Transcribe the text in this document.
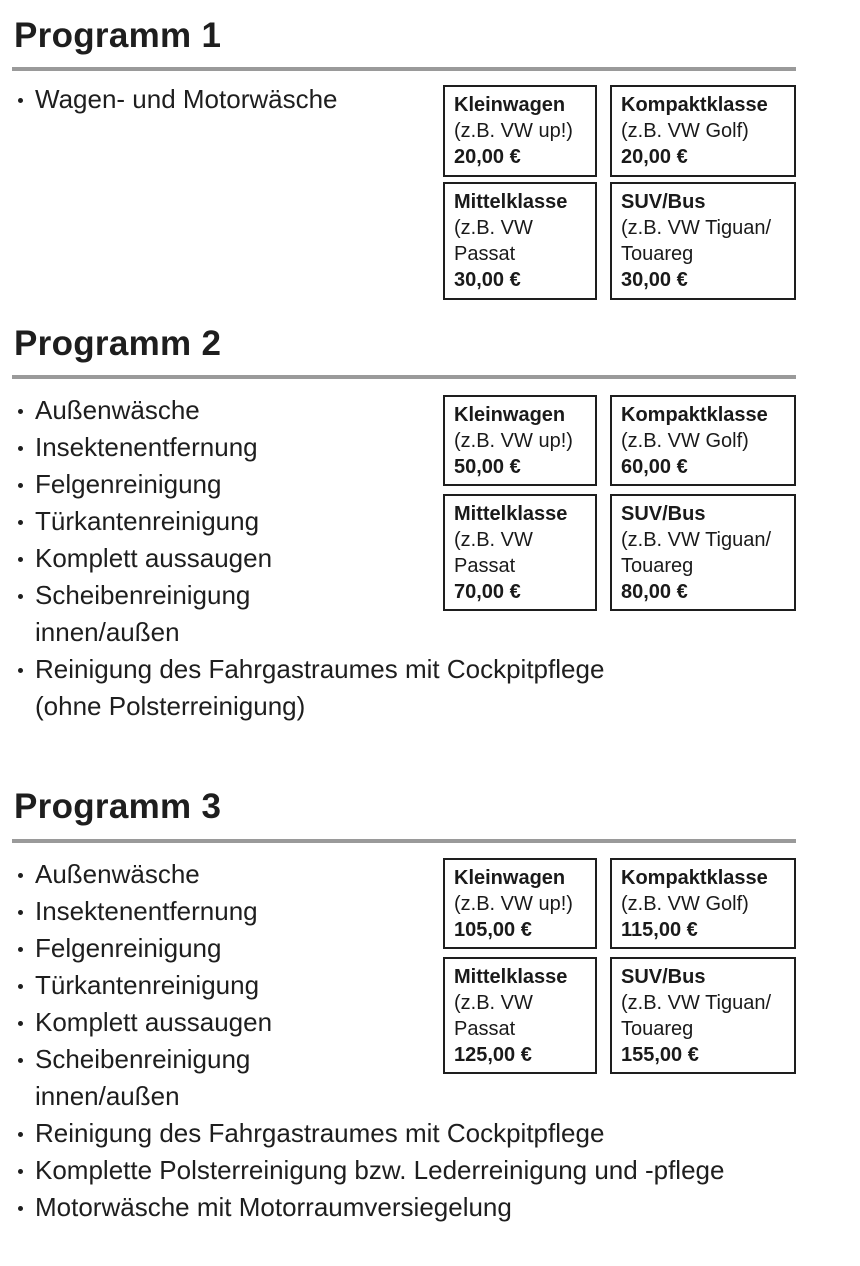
Programm 1
Wagen- und Motorwäsche	Kleinwagen
(z.B. VW up!)
20,00 €
Kompaktklasse
(z.B. VW Golf)
20,00 €
Mittelklasse
(z.B. VW Passat
30,00 €
SUV/Bus
(z.B. VW Tiguan/ Touareg
30,00 €
Programm 2
Außenwäsche
Insektenentfernung
Felgenreinigung
Türkantenreinigung
Komplett aussaugen
Scheibenreinigung
innen/außen
Reinigung des Fahrgastraumes mit Cockpitpflege
(ohne Polsterreinigung)
Kleinwagen
(z.B. VW up!)
50,00 €
Kompaktklasse
(z.B. VW Golf)
60,00 €
Mittelklasse
(z.B. VW Passat
70,00 €
SUV/Bus
(z.B. VW Tiguan/ Touareg
80,00 €
Programm 3
Außenwäsche
Insektenentfernung
Felgenreinigung
Türkantenreinigung
Komplett aussaugen
Scheibenreinigung
innen/außen
Reinigung des Fahrgastraumes mit Cockpitpflege
Komplette Polsterreinigung bzw. Lederreinigung und -pflege
Motorwäsche mit Motorraumversiegelung
Kleinwagen
(z.B. VW up!)
105,00 €
Kompaktklasse
(z.B. VW Golf)
115,00 €
Mittelklasse
(z.B. VW Passat
125,00 €
SUV/Bus
(z.B. VW Tiguan/ Touareg
155,00 €
